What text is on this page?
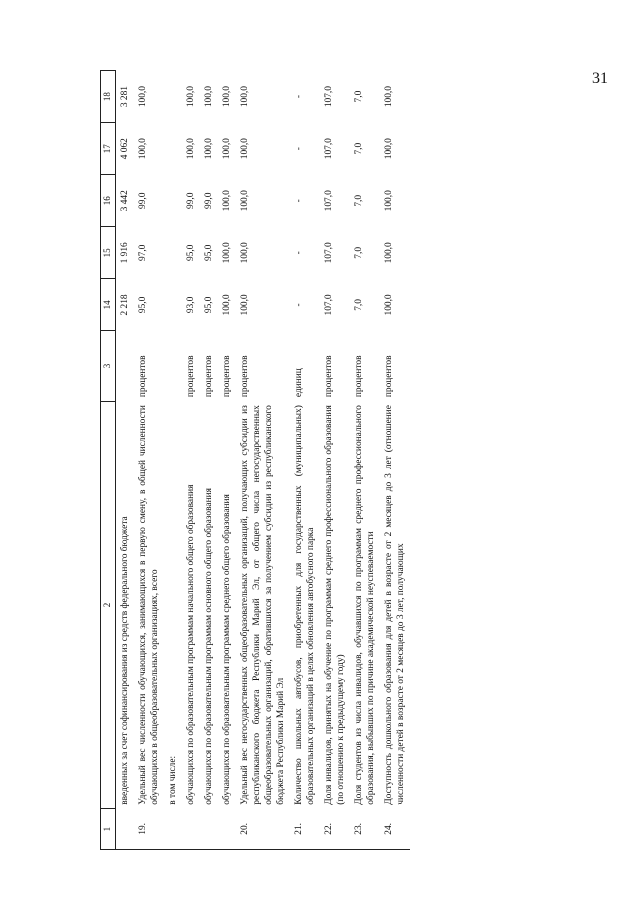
31
1	2	3	14	15	16	17	18
	введенных за счет софинансирования из средств федерального бюджета		2 218	1 916	3 442	4 062	3 281
19.	Удельный вес численности обучающихся, занимающихся в первую смену, в общей численности обучающихся в общеобразовательных организациях, всего	процентов	95,0	97,0	99,0	100,0	100,0
	в том числе:						
	обучающихся по образовательным программам начального общего образования	процентов	93,0	95,0	99,0	100,0	100,0
	обучающихся по образовательным программам основного общего образования	процентов	95,0	95,0	99,0	100,0	100,0
	обучающихся по образовательным программам среднего общего образования	процентов	100,0	100,0	100,0	100,0	100,0
20.	Удельный вес негосударственных общеобразовательных организаций, получающих субсидии из республиканского бюджета Республики Марий Эл, от общего числа негосударственных общеобразовательных организаций, обратившихся за получением субсидии из республиканского бюджета Республики Марий Эл	процентов	100,0	100,0	100,0	100,0	100,0
21.	Количество школьных автобусов, приобретенных для государственных (муниципальных) образовательных организаций в целях обновления автобусного парка	единиц	-	-	-	-	-
22.	Доля инвалидов, принятых на обучение по программам среднего профессионального образования (по отношению к предыдущему году)	процентов	107,0	107,0	107,0	107,0	107,0
23.	Доля студентов из числа инвалидов, обучавшихся по программам среднего профессионального образования, выбывших по причине академической неуспеваемости	процентов	7,0	7,0	7,0	7,0	7,0
24.	Доступность дошкольного образования для детей в возрасте от 2 месяцев до 3 лет (отношение численности детей в возрасте от 2 месяцев до 3 лет, получающих	процентов	100,0	100,0	100,0	100,0	100,0
